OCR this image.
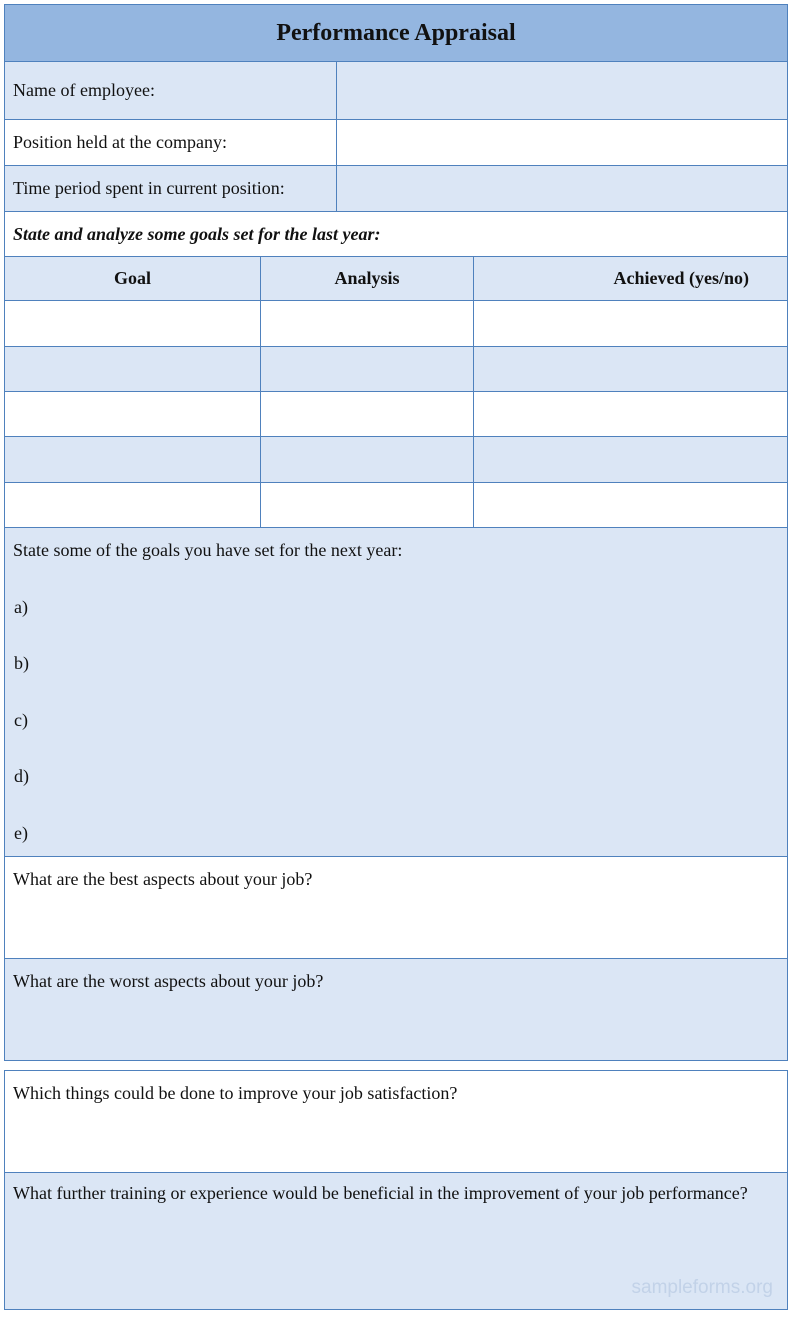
Performance Appraisal
Name of employee:
Position held at the company:
Time period spent in current position:
State and analyze some goals set for the last year:
Goal	Analysis	Achieved (yes/no)
State some of the goals you have set for the next year:
a)
b)
c)
d)
e)
What are the best aspects about your job?
What are the worst aspects about your job?
Which things could be done to improve your job satisfaction?
What further training or experience would be beneficial in the improvement of your job performance?
sampleforms.org
